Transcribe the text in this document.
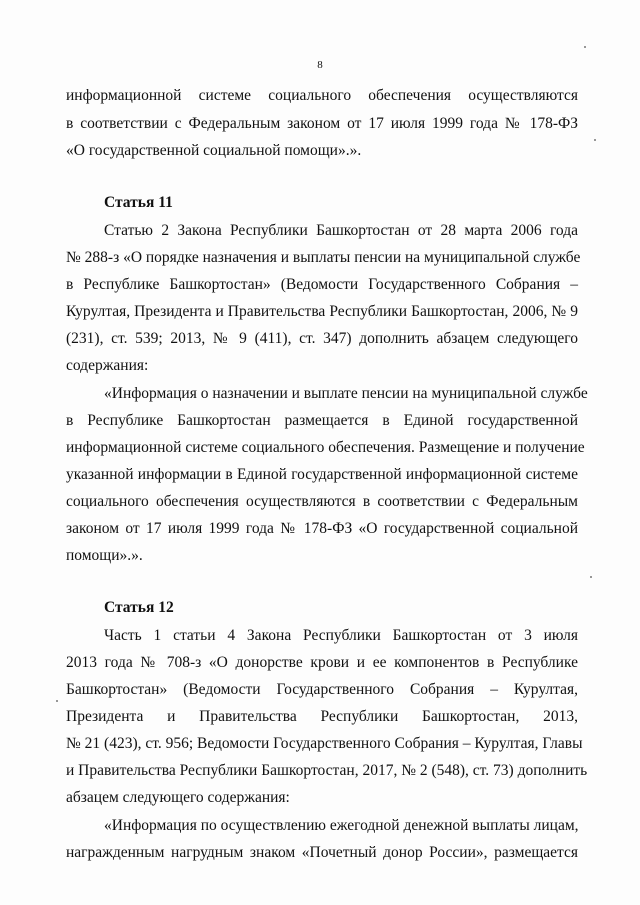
8
информационной системе социального обеспечения осуществляются
в соответствии с Федеральным законом от 17 июля 1999 года № 178-ФЗ
«О государственной социальной помощи».».
Статья 11
Статью 2 Закона Республики Башкортостан от 28 марта 2006 года
№ 288-з «О порядке назначения и выплаты пенсии на муниципальной службе
в Республике Башкортостан» (Ведомости Государственного Собрания –
Курултая, Президента и Правительства Республики Башкортостан, 2006, № 9
(231), ст. 539; 2013, № 9 (411), ст. 347) дополнить абзацем следующего
содержания:
«Информация о назначении и выплате пенсии на муниципальной службе
в Республике Башкортостан размещается в Единой государственной
информационной системе социального обеспечения. Размещение и получение
указанной информации в Единой государственной информационной системе
социального обеспечения осуществляются в соответствии с Федеральным
законом от 17 июля 1999 года № 178-ФЗ «О государственной социальной
помощи».».
Статья 12
Часть 1 статьи 4 Закона Республики Башкортостан от 3 июля
2013 года № 708-з «О донорстве крови и ее компонентов в Республике
Башкортостан» (Ведомости Государственного Собрания – Курултая,
Президента и Правительства Республики Башкортостан, 2013,
№ 21 (423), ст. 956; Ведомости Государственного Собрания – Курултая, Главы
и Правительства Республики Башкортостан, 2017, № 2 (548), ст. 73) дополнить
абзацем следующего содержания:
«Информация по осуществлению ежегодной денежной выплаты лицам,
награжденным нагрудным знаком «Почетный донор России», размещается
